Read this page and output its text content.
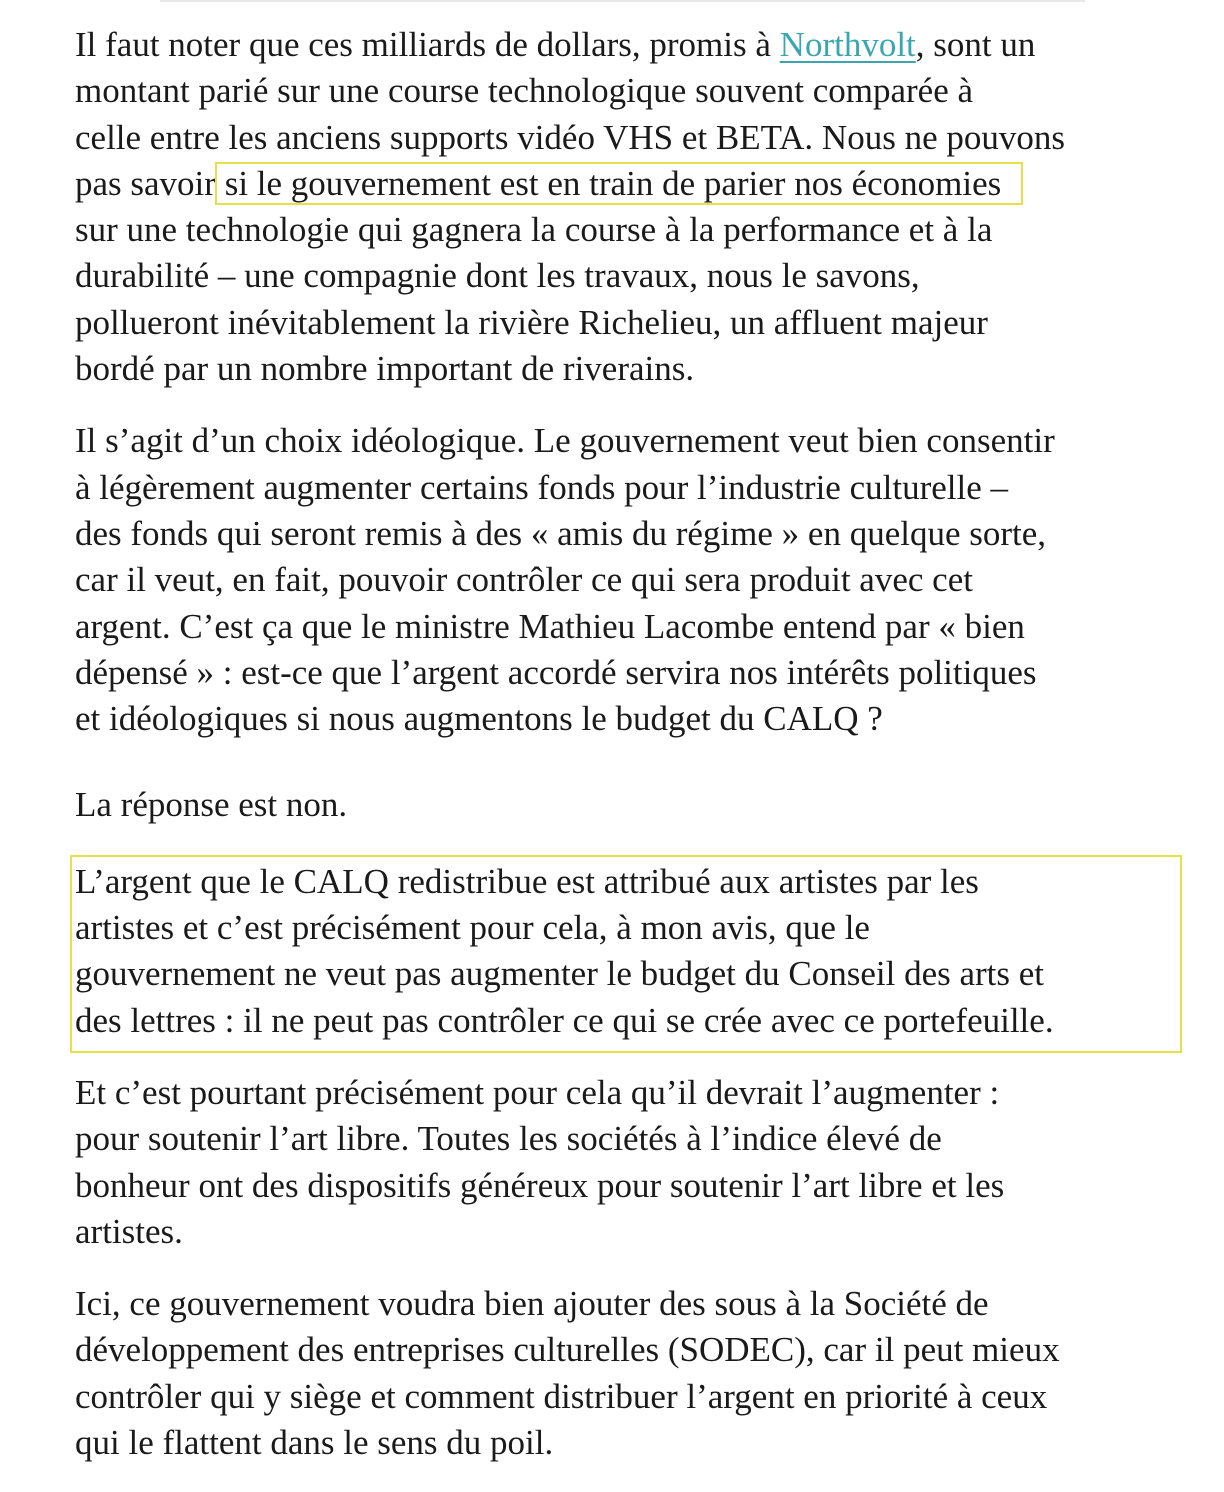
Il faut noter que ces milliards de dollars, promis à Northvolt, sont un
montant parié sur une course technologique souvent comparée à
celle entre les anciens supports vidéo VHS et BETA. Nous ne pouvons
pas savoir si le gouvernement est en train de parier nos économies
sur une technologie qui gagnera la course à la performance et à la
durabilité – une compagnie dont les travaux, nous le savons,
pollueront inévitablement la rivière Richelieu, un affluent majeur
bordé par un nombre important de riverains.

Il s’agit d’un choix idéologique. Le gouvernement veut bien consentir
à légèrement augmenter certains fonds pour l’industrie culturelle –
des fonds qui seront remis à des « amis du régime » en quelque sorte,
car il veut, en fait, pouvoir contrôler ce qui sera produit avec cet
argent. C’est ça que le ministre Mathieu Lacombe entend par « bien
dépensé » : est-ce que l’argent accordé servira nos intérêts politiques
et idéologiques si nous augmentons le budget du CALQ ?

La réponse est non.

L’argent que le CALQ redistribue est attribué aux artistes par les
artistes et c’est précisément pour cela, à mon avis, que le
gouvernement ne veut pas augmenter le budget du Conseil des arts et
des lettres : il ne peut pas contrôler ce qui se crée avec ce portefeuille.

Et c’est pourtant précisément pour cela qu’il devrait l’augmenter :
pour soutenir l’art libre. Toutes les sociétés à l’indice élevé de
bonheur ont des dispositifs généreux pour soutenir l’art libre et les
artistes.

Ici, ce gouvernement voudra bien ajouter des sous à la Société de
développement des entreprises culturelles (SODEC), car il peut mieux
contrôler qui y siège et comment distribuer l’argent en priorité à ceux
qui le flattent dans le sens du poil.
